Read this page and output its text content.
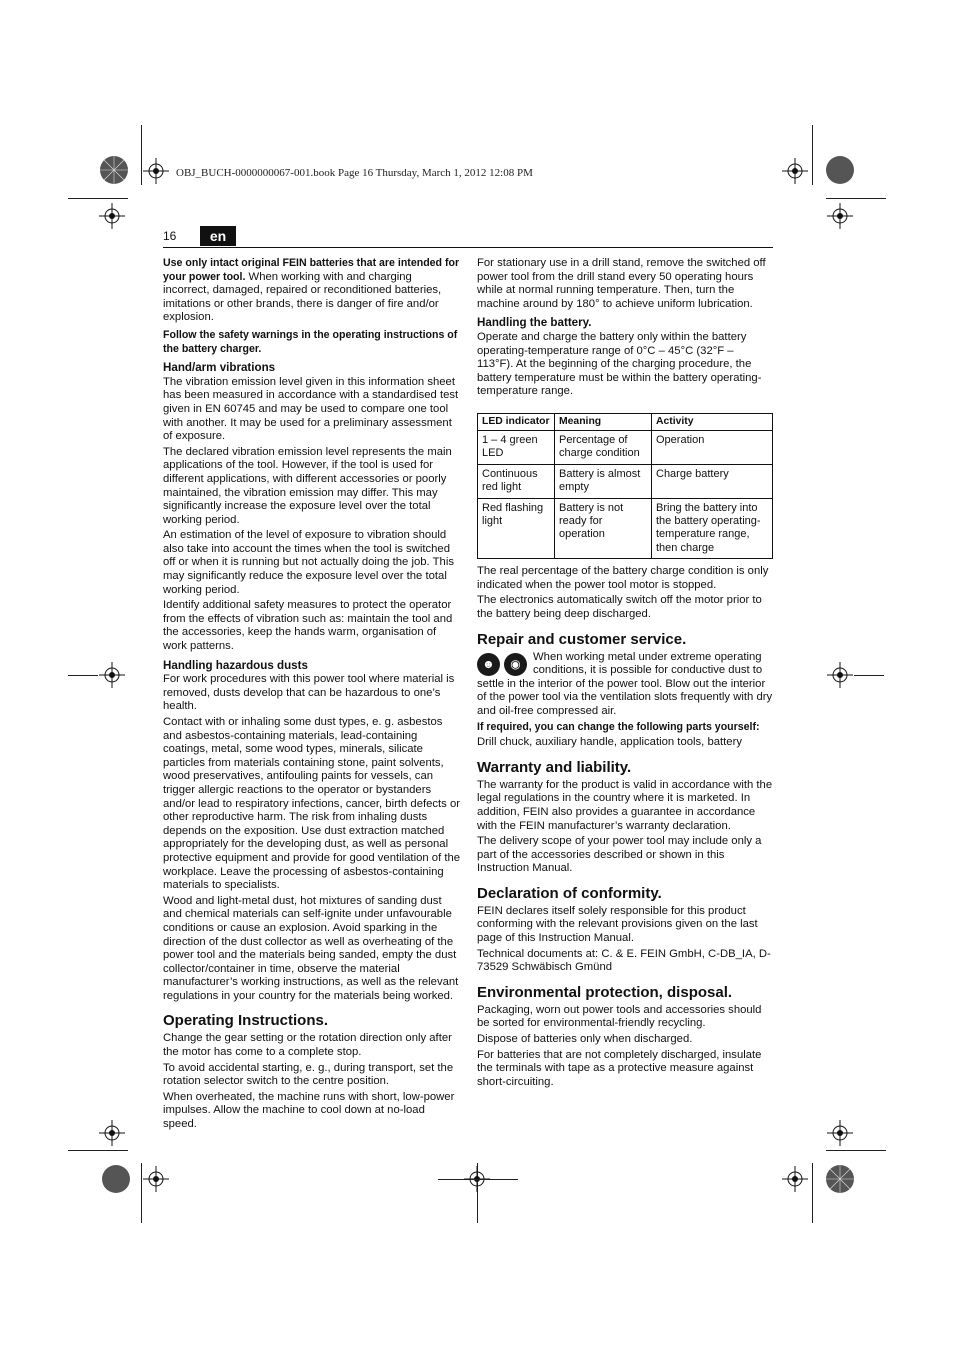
OBJ_BUCH-0000000067-001.book Page 16 Thursday, March 1, 2012 12:08 PM
16	en

Use only intact original FEIN batteries that are intended for your power tool. When working with and charging incorrect, damaged, repaired or reconditioned batteries, imitations or other brands, there is danger of fire and/or explosion.

Follow the safety warnings in the operating instructions of the battery charger.

Hand/arm vibrations

The vibration emission level given in this information sheet has been measured in accordance with a standardised test given in EN 60745 and may be used to compare one tool with another. It may be used for a preliminary assessment of exposure.

The declared vibration emission level represents the main applications of the tool. However, if the tool is used for different applications, with different accessories or poorly maintained, the vibration emission may differ. This may significantly increase the exposure level over the total working period.

An estimation of the level of exposure to vibration should also take into account the times when the tool is switched off or when it is running but not actually doing the job. This may significantly reduce the exposure level over the total working period.

Identify additional safety measures to protect the operator from the effects of vibration such as: maintain the tool and the accessories, keep the hands warm, organisation of work patterns.

Handling hazardous dusts

For work procedures with this power tool where material is removed, dusts develop that can be hazardous to one’s health.

Contact with or inhaling some dust types, e. g. asbestos and asbestos-containing materials, lead-containing coatings, metal, some wood types, minerals, silicate particles from materials containing stone, paint solvents, wood preservatives, antifouling paints for vessels, can trigger allergic reactions to the operator or bystanders and/or lead to respiratory infections, cancer, birth defects or other reproductive harm. The risk from inhaling dusts depends on the exposition. Use dust extraction matched appropriately for the developing dust, as well as personal protective equipment and provide for good ventilation of the workplace. Leave the processing of asbestos-containing materials to specialists.

Wood and light-metal dust, hot mixtures of sanding dust and chemical materials can self-ignite under unfavourable conditions or cause an explosion. Avoid sparking in the direction of the dust collector as well as overheating of the power tool and the materials being sanded, empty the dust collector/container in time, observe the material manufacturer’s working instructions, as well as the relevant regulations in your country for the materials being worked.

Operating Instructions.

Change the gear setting or the rotation direction only after the motor has come to a complete stop.

To avoid accidental starting, e. g., during transport, set the rotation selector switch to the centre position.

When overheated, the machine runs with short, low-power impulses. Allow the machine to cool down at no-load speed.

For stationary use in a drill stand, remove the switched off power tool from the drill stand every 50 operating hours while at normal running temperature. Then, turn the machine around by 180° to achieve uniform lubrication.

Handling the battery.

Operate and charge the battery only within the battery operating-temperature range of 0°C – 45°C (32°F – 113°F). At the beginning of the charging procedure, the battery temperature must be within the battery operating-temperature range.

LED indicator	Meaning	Activity
1 – 4 green LED	Percentage of charge condition	Operation
Continuous red light	Battery is almost empty	Charge battery
Red flashing light	Battery is not ready for operation	Bring the battery into the battery operating-temperature range, then charge

The real percentage of the battery charge condition is only indicated when the power tool motor is stopped.

The electronics automatically switch off the motor prior to the battery being deep discharged.

Repair and customer service.
☻	◉	When working metal under extreme operating conditions, it is possible for conductive dust to settle in the interior of the power tool. Blow out the interior of the power tool via the ventilation slots frequently with dry and oil-free compressed air.

If required, you can change the following parts yourself:

Drill chuck, auxiliary handle, application tools, battery

Warranty and liability.

The warranty for the product is valid in accordance with the legal regulations in the country where it is marketed. In addition, FEIN also provides a guarantee in accordance with the FEIN manufacturer’s warranty declaration.

The delivery scope of your power tool may include only a part of the accessories described or shown in this Instruction Manual.

Declaration of conformity.

FEIN declares itself solely responsible for this product conforming with the relevant provisions given on the last page of this Instruction Manual.

Technical documents at: C. & E. FEIN GmbH, C-DB_IA, D-73529 Schwäbisch Gmünd

Environmental protection, disposal.

Packaging, worn out power tools and accessories should be sorted for environmental-friendly recycling.

Dispose of batteries only when discharged.

For batteries that are not completely discharged, insulate the terminals with tape as a protective measure against short-circuiting.
